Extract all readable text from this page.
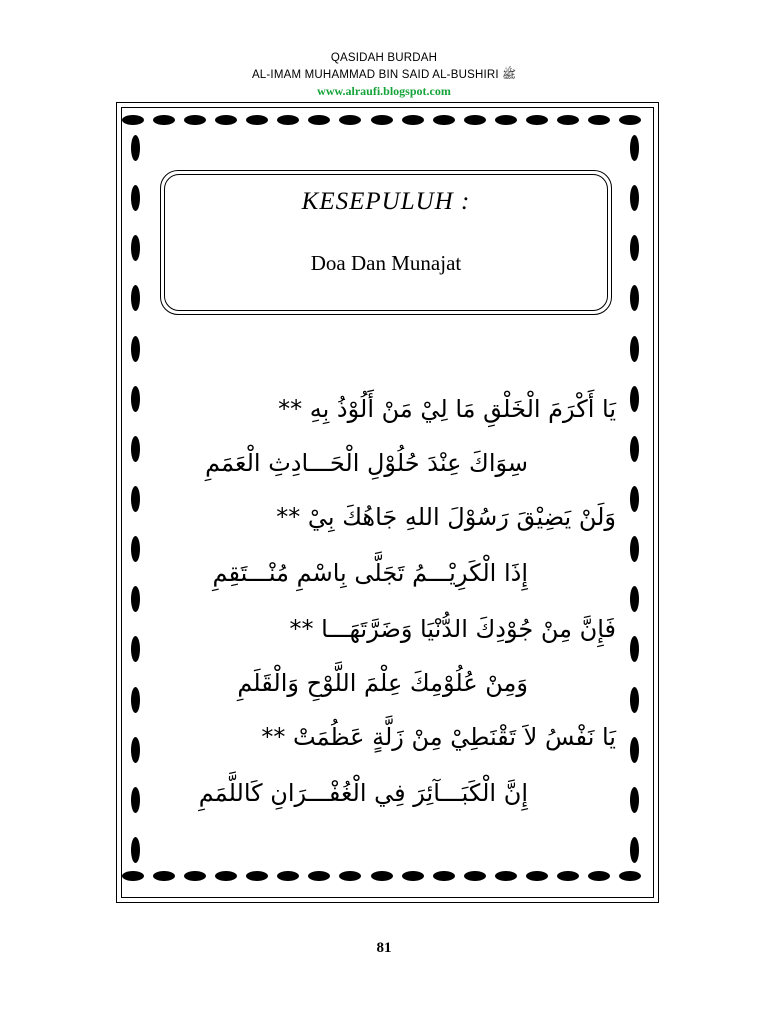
QASIDAH BURDAH
AL-IMAM MUHAMMAD BIN SAID AL-BUSHIRI ﷺ
www.alraufi.blogspot.com
KESEPULUH :
Doa Dan Munajat
يَا أَكْرَمَ الْخَلْقِ مَا لِيْ مَنْ أَلُوْذُ بِهِ **
سِوَاكَ عِنْدَ حُلُوْلِ الْحَـــادِثِ الْعَمَمِ
وَلَنْ يَضِيْقَ رَسُوْلَ اللهِ جَاهُكَ بِيْ **
إِذَا الْكَرِيْـــمُ تَجَلَّى بِاسْمِ مُنْـــتَقِمِ
فَإِنَّ مِنْ جُوْدِكَ الدُّنْيَا وَضَرَّتَهَـــا **
وَمِنْ عُلُوْمِكَ عِلْمَ اللَّوْحِ وَالْقَلَمِ
يَا نَفْسُ لاَ تَقْنَطِيْ مِنْ زَلَّةٍ عَظُمَتْ **
إِنَّ الْكَبَـــآئِرَ فِي الْغُفْـــرَانِ كَاللَّمَمِ
81
